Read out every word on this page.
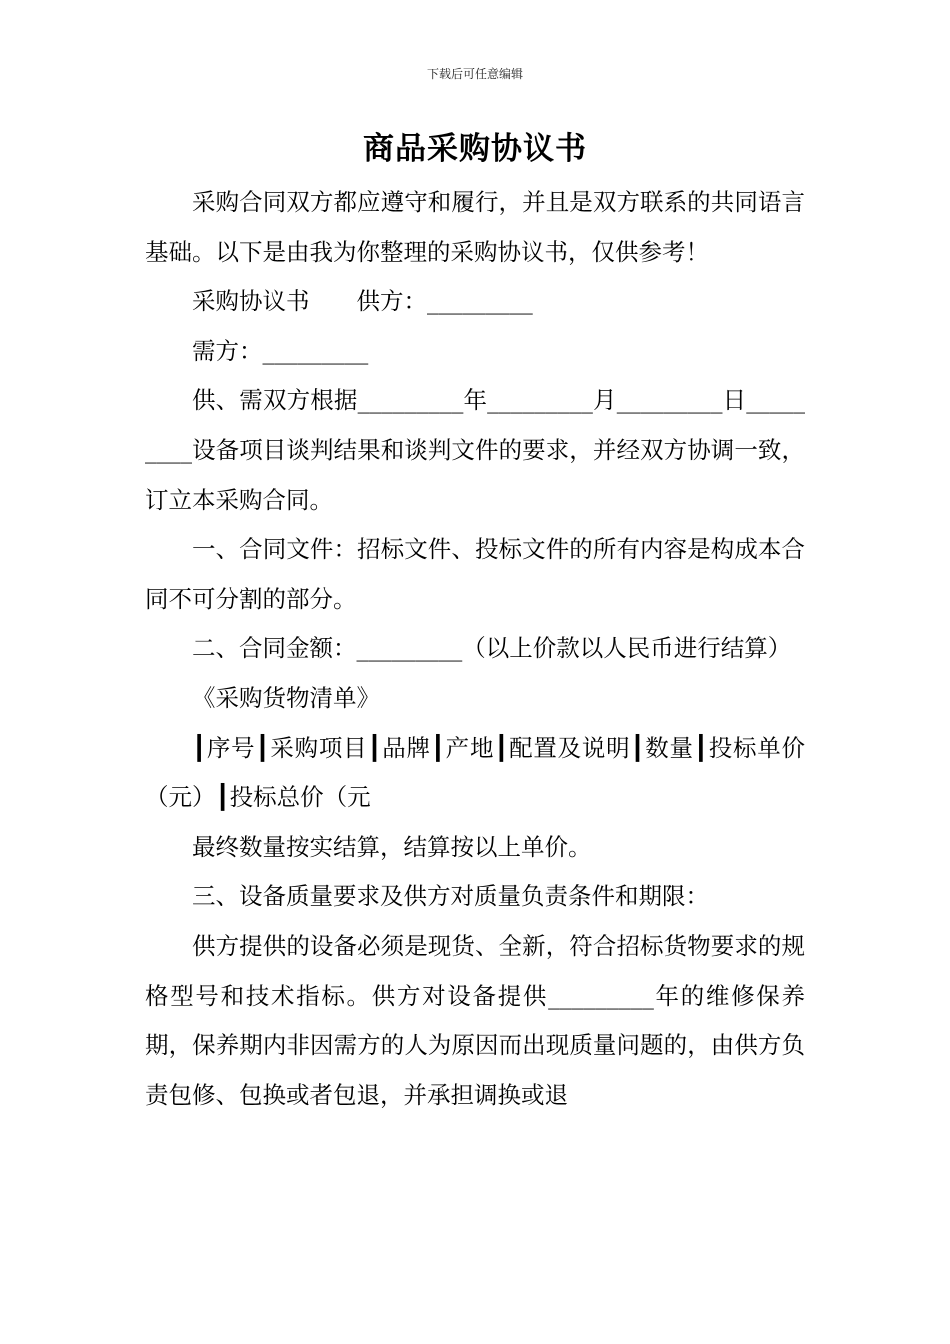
下载后可任意编辑
商品采购协议书

采购合同双方都应遵守和履行，并且是双方联系的共同语言基础。以下是由我为你整理的采购协议书，仅供参考！

采购协议书　　供方：_________

需方：_________

供、需双方根据_________年_________月_________日_________设备项目谈判结果和谈判文件的要求，并经双方协调一致，订立本采购合同。

一、合同文件：招标文件、投标文件的所有内容是构成本合同不可分割的部分。

二、合同金额：_________（以上价款以人民币进行结算）

《采购货物清单》

┃序号┃采购项目┃品牌┃产地┃配置及说明┃数量┃投标单价（元）┃投标总价（元

最终数量按实结算，结算按以上单价。

三、设备质量要求及供方对质量负责条件和期限：

供方提供的设备必须是现货、全新，符合招标货物要求的规格型号和技术指标。供方对设备提供_________年的维修保养期，保养期内非因需方的人为原因而出现质量问题的，由供方负责包修、包换或者包退，并承担调换或退
